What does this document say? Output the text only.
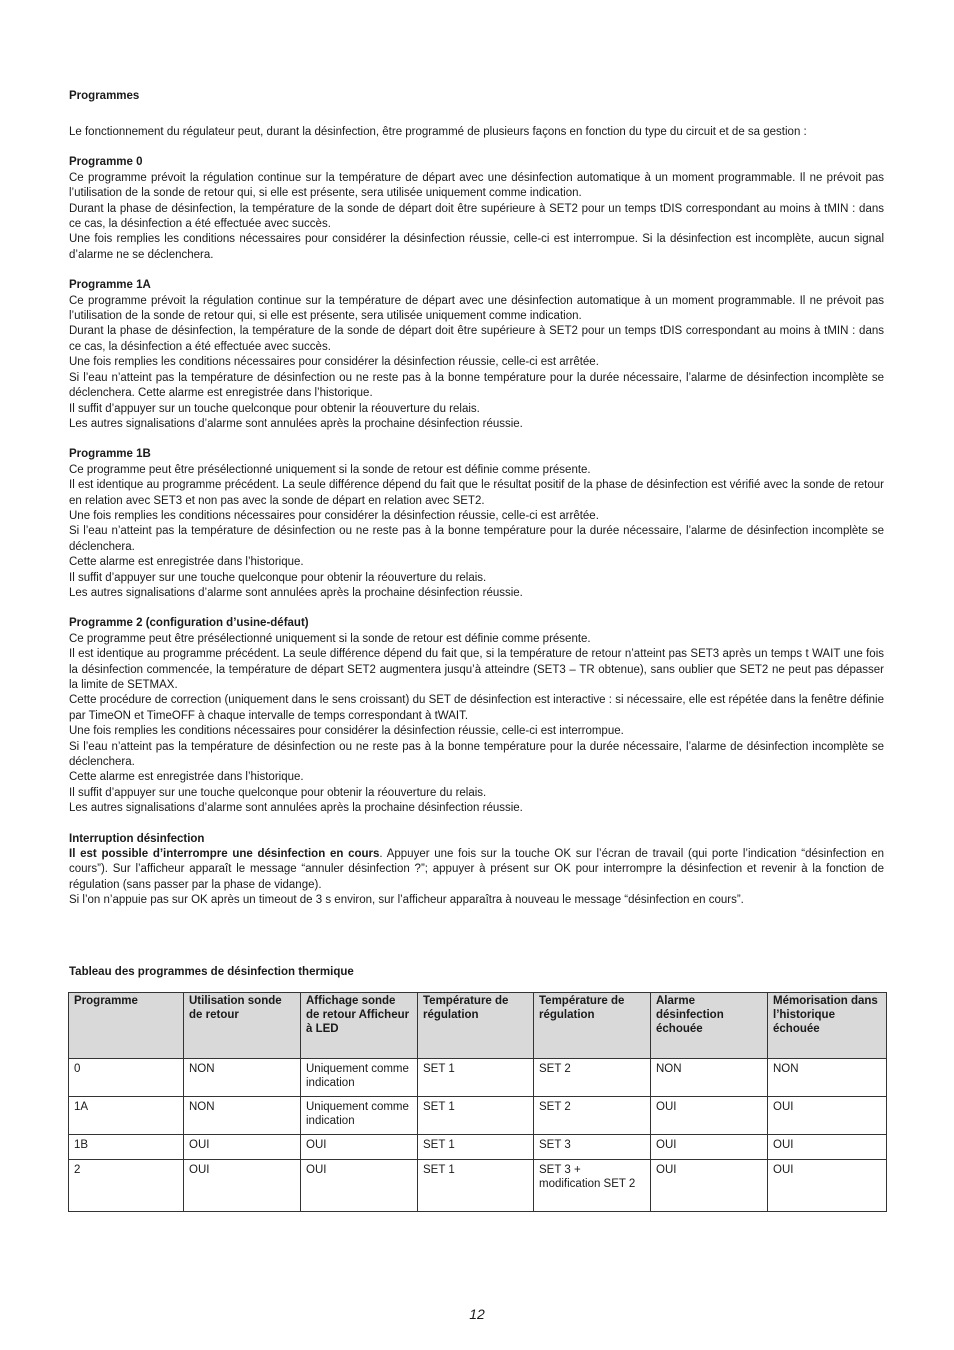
Programmes

Le fonctionnement du régulateur peut, durant la désinfection, être programmé de plusieurs façons en fonction du type du circuit et de sa gestion :

Programme 0

Ce programme prévoit la régulation continue sur la température de départ avec une désinfection automatique à un moment programmable. Il ne prévoit pas l’utilisation de la sonde de retour qui, si elle est présente, sera utilisée uniquement comme indication.

Durant la phase de désinfection, la température de la sonde de départ doit être supérieure à SET2 pour un temps tDIS correspondant au moins à tMIN : dans ce cas, la désinfection a été effectuée avec succès.

Une fois remplies les conditions nécessaires pour considérer la désinfection réussie, celle-ci est interrompue. Si la désinfection est incomplète, aucun signal d’alarme ne se déclenchera.

Programme 1A

Ce programme prévoit la régulation continue sur la température de départ avec une désinfection automatique à un moment programmable. Il ne prévoit pas l’utilisation de la sonde de retour qui, si elle est présente, sera utilisée uniquement comme indication.

Durant la phase de désinfection, la température de la sonde de départ doit être supérieure à SET2 pour un temps tDIS correspondant au moins à tMIN : dans ce cas, la désinfection a été effectuée avec succès.

Une fois remplies les conditions nécessaires pour considérer la désinfection réussie, celle-ci est arrêtée.

Si l’eau n’atteint pas la température de désinfection ou ne reste pas à la bonne température pour la durée nécessaire, l’alarme de désinfection incomplète se déclenchera. Cette alarme est enregistrée dans l’historique.

Il suffit d’appuyer sur un touche quelconque pour obtenir la réouverture du relais.

Les autres signalisations d’alarme sont annulées après la prochaine désinfection réussie.

Programme 1B

Ce programme peut être présélectionné uniquement si la sonde de retour est définie comme présente.

Il est identique au programme précédent. La seule différence dépend du fait que le résultat positif de la phase de désinfection est vérifié avec la sonde de retour en relation avec SET3 et non pas avec la sonde de départ en relation avec SET2.

Une fois remplies les conditions nécessaires pour considérer la désinfection réussie, celle-ci est arrêtée.

Si l’eau n’atteint pas la température de désinfection ou ne reste pas à la bonne température pour la durée nécessaire, l’alarme de désinfection incomplète se déclenchera.

Cette alarme est enregistrée dans l’historique.

Il suffit d’appuyer sur une touche quelconque pour obtenir la réouverture du relais.

Les autres signalisations d’alarme sont annulées après la prochaine désinfection réussie.

Programme 2 (configuration d’usine-défaut)

Ce programme peut être présélectionné uniquement si la sonde de retour est définie comme présente.

Il est identique au programme précédent. La seule différence dépend du fait que, si la température de retour n’atteint pas SET3 après un temps t WAIT une fois la désinfection commencée, la température de départ SET2 augmentera jusqu’à atteindre (SET3 – TR obtenue), sans oublier que SET2 ne peut pas dépasser la limite de SETMAX.

Cette procédure de correction (uniquement dans le sens croissant) du SET de désinfection est interactive : si nécessaire, elle est répétée dans la fenêtre définie par TimeON et TimeOFF à chaque intervalle de temps correspondant à tWAIT.

Une fois remplies les conditions nécessaires pour considérer la désinfection réussie, celle-ci est interrompue.

Si l’eau n’atteint pas la température de désinfection ou ne reste pas à la bonne température pour la durée nécessaire, l’alarme de désinfection incomplète se déclenchera.

Cette alarme est enregistrée dans l’historique.

Il suffit d’appuyer sur une touche quelconque pour obtenir la réouverture du relais.

Les autres signalisations d’alarme sont annulées après la prochaine désinfection réussie.

Interruption désinfection

Il est possible d’interrompre une désinfection en cours. Appuyer une fois sur la touche OK sur l’écran de travail (qui porte l’indication “désinfection en cours”). Sur l’afficheur apparaît le message “annuler désinfection ?”; appuyer à présent sur OK pour interrompre la désinfection et revenir à la fonction de régulation (sans passer par la phase de vidange).

Si l’on n’appuie pas sur OK après un timeout de 3 s environ, sur l’afficheur apparaîtra à nouveau le message “désinfection en cours”.

Tableau des programmes de désinfection thermique
Programme	Utilisation sonde de retour	Affichage sonde de retour Afficheur à LED	Température de régulation	Température de régulation	Alarme désinfection échouée	Mémorisation dans l’historique échouée
0	NON	Uniquement comme indication	SET 1	SET 2	NON	NON
1A	NON	Uniquement comme indication	SET 1	SET 2	OUI	OUI
1B	OUI	OUI	SET 1	SET 3	OUI	OUI
2	OUI	OUI	SET 1	SET 3 + modification SET 2	OUI	OUI
12
